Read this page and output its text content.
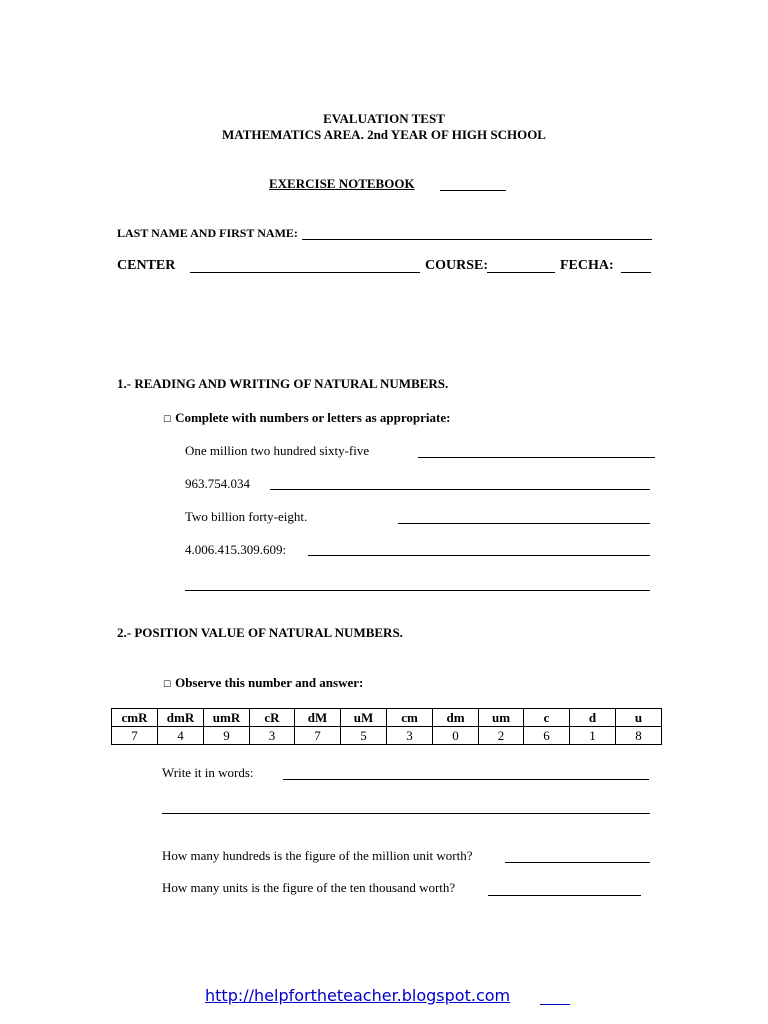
EVALUATION TEST
MATHEMATICS AREA. 2nd YEAR OF HIGH SCHOOL
EXERCISE NOTEBOOK
LAST NAME AND FIRST NAME:
CENTER	COURSE:	FECHA:
1.- READING AND WRITING OF NATURAL NUMBERS.
☐ Complete with numbers or letters as appropriate:
One million two hundred sixty-five
963.754.034
Two billion forty-eight.
4.006.415.309.609:
2.- POSITION VALUE OF NATURAL NUMBERS.
☐ Observe this number and answer:
cmR	dmR	umR	cR	dM	uM	cm	dm	um	c	d	u
7	4	9	3	7	5	3	0	2	6	1	8
Write it in words:
How many hundreds is the figure of the million unit worth?
How many units is the figure of the ten thousand worth?
http://helpfortheteacher.blogspot.com
